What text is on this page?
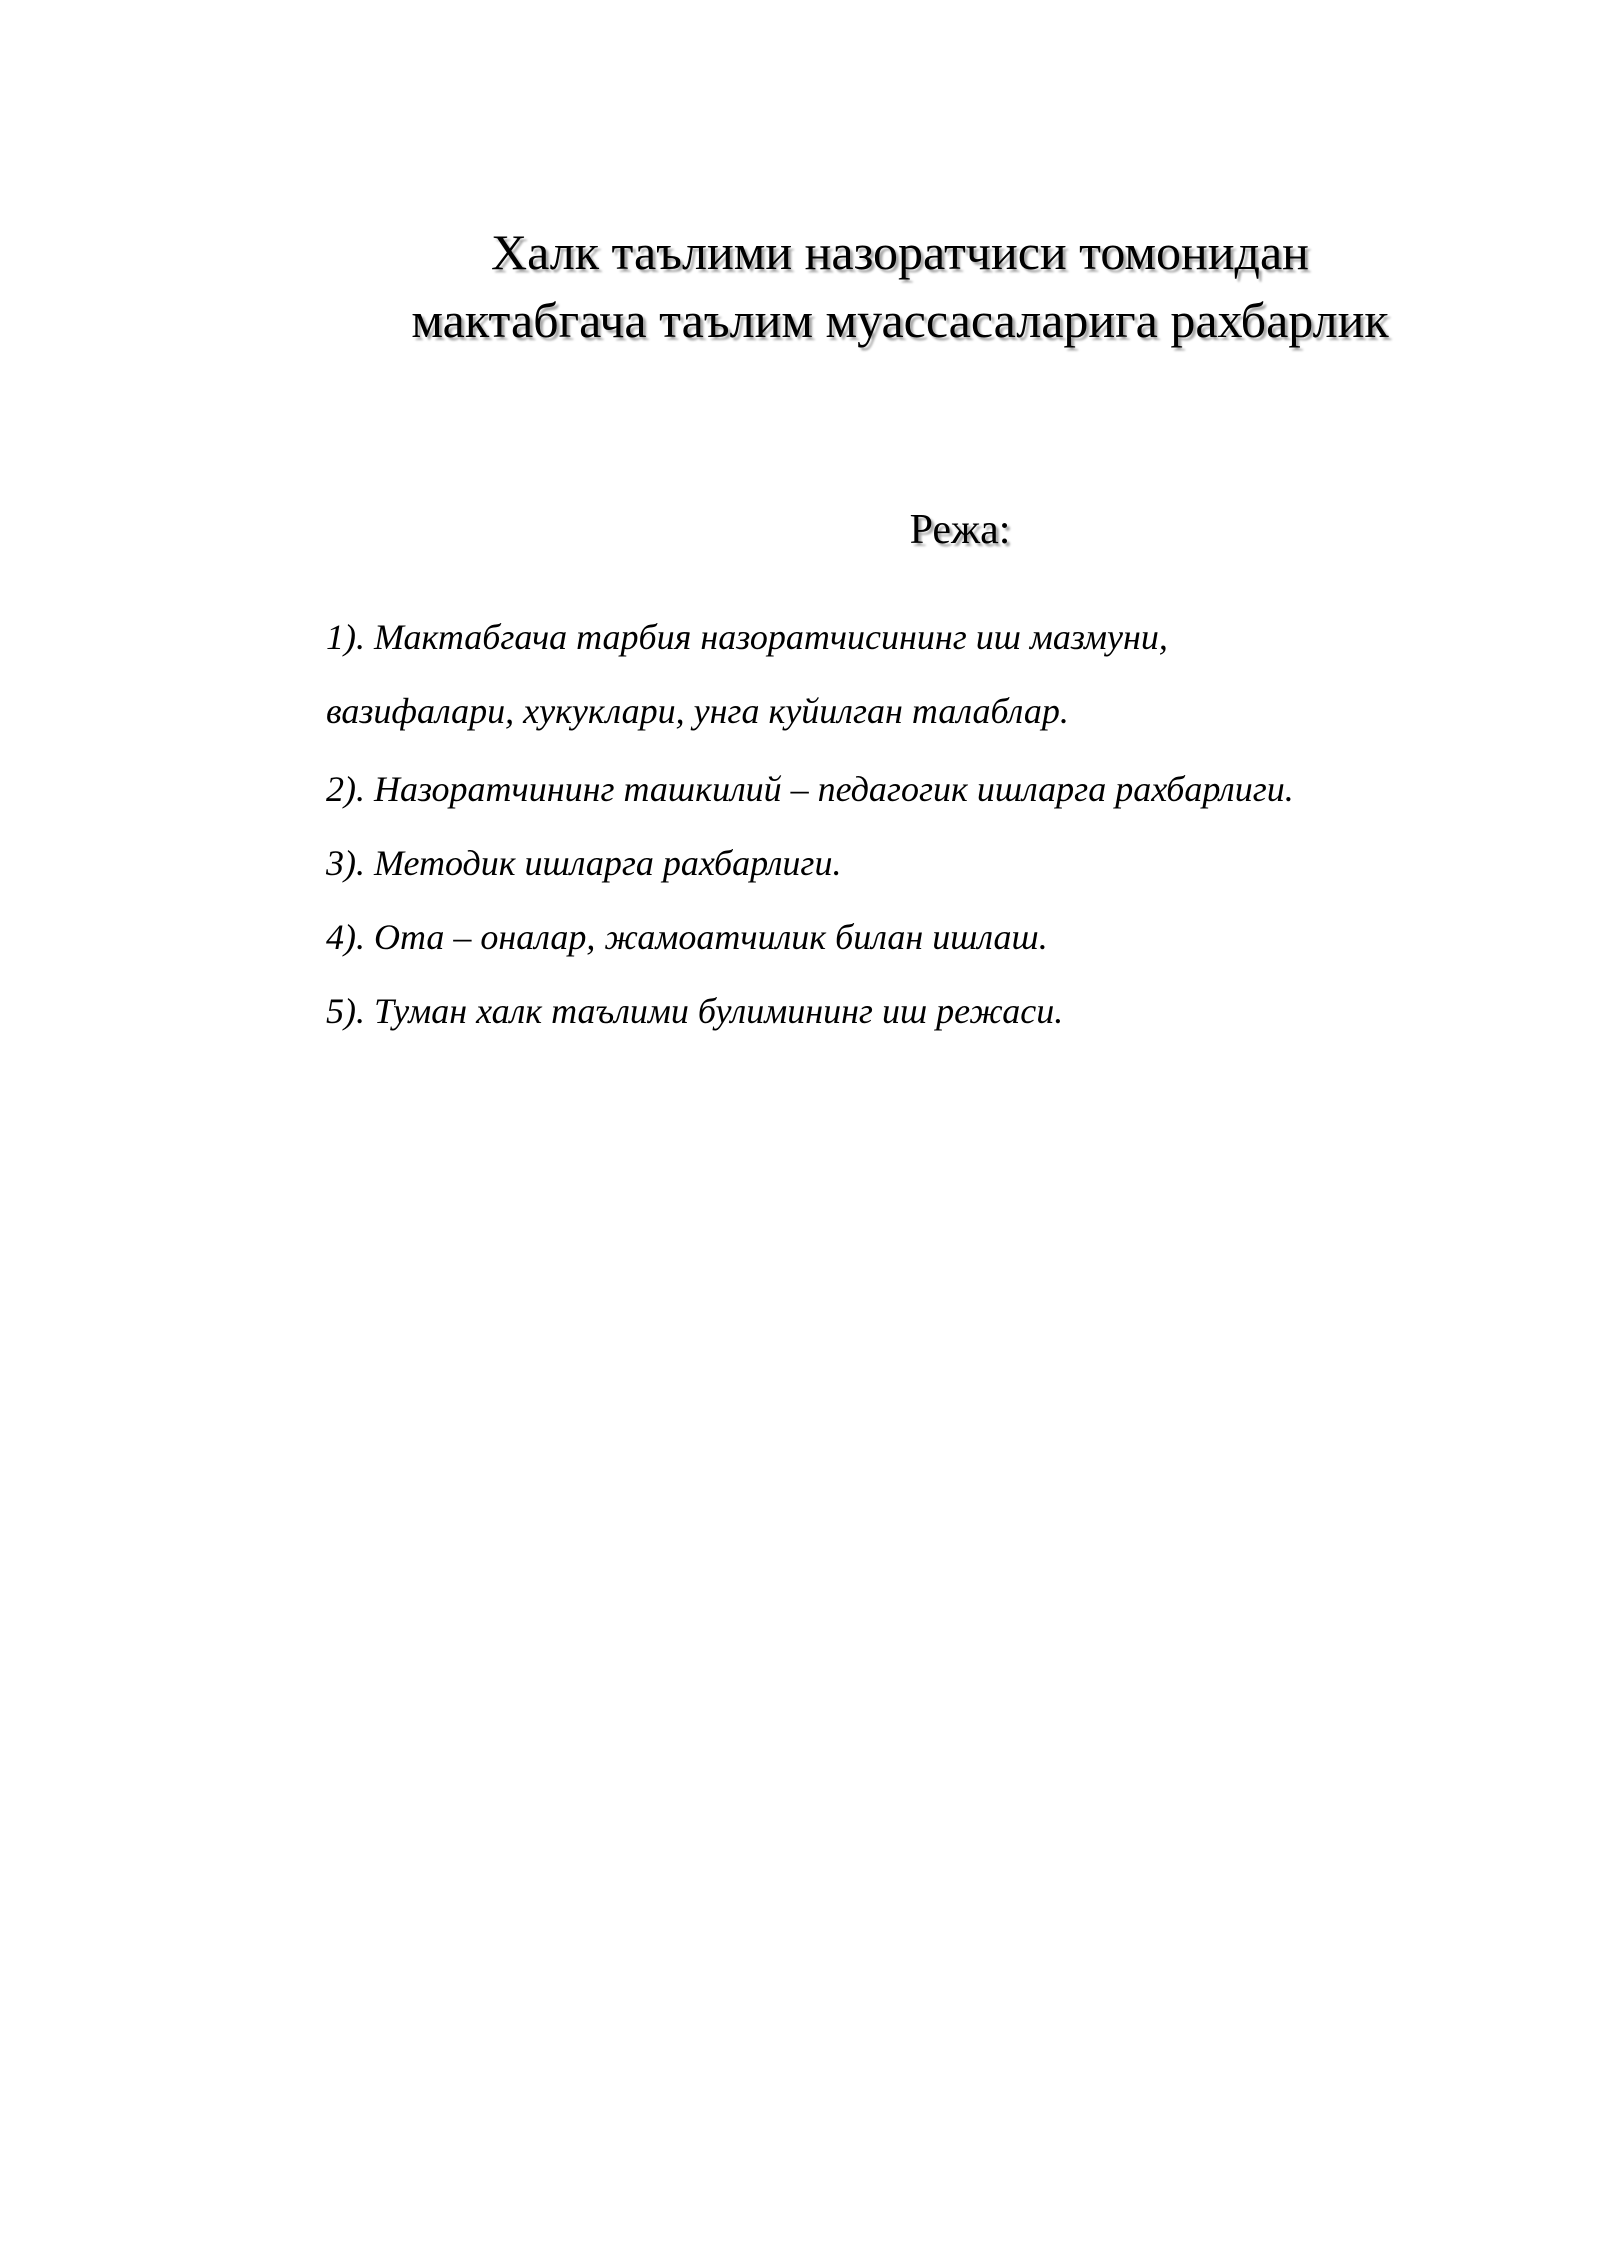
Халк таълими назоратчиси томонидан
мактабгача таълим муассасаларига рахбарлик
Режа:
1). Мактабгача тарбия назоратчисининг иш мазмуни,
вазифалари, хукуклари, унга куйилган талаблар.
2). Назоратчининг ташкилий – педагогик ишларга рахбарлиги.
3). Методик ишларга рахбарлиги.
4). Ота – оналар, жамоатчилик билан ишлаш.
5). Туман халк таълими булимининг иш режаси.
